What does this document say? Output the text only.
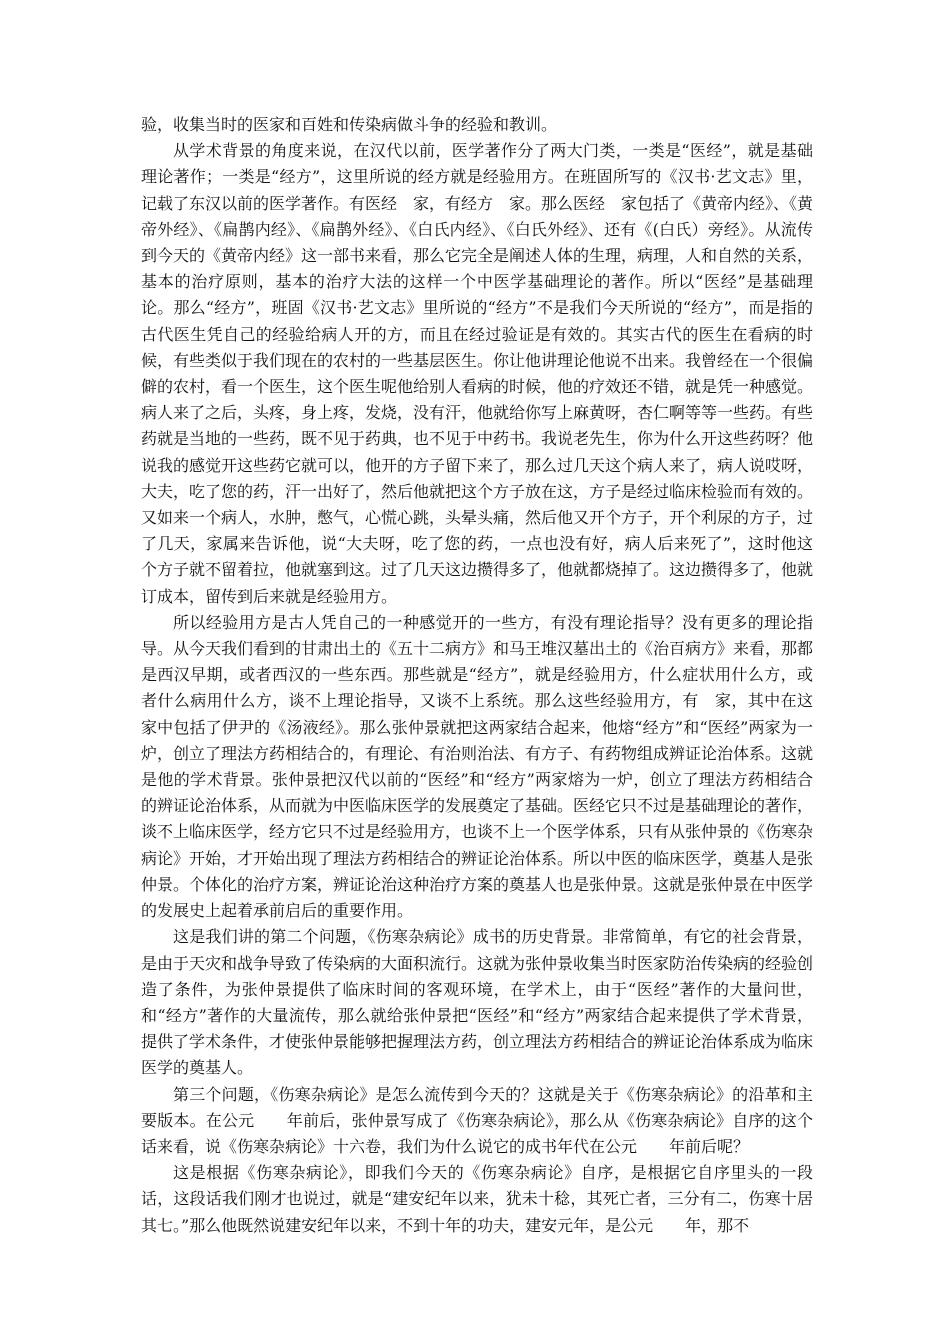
验，收集当时的医家和百姓和传染病做斗争的经验和教训。

从学术背景的角度来说，在汉代以前，医学著作分了两大门类，一类是“医经”，就是基础理论著作；一类是“经方”，这里所说的经方就是经验用方。在班固所写的《汉书·艺文志》里，记载了东汉以前的医学著作。有医经　家，有经方　家。那么医经　家包括了《黄帝内经》、《黄帝外经》、《扁鹊内经》、《扁鹊外经》、《白氏内经》、《白氏外经》、还有《(白氏）旁经》。从流传到今天的《黄帝内经》这一部书来看，那么它完全是阐述人体的生理，病理，人和自然的关系，基本的治疗原则，基本的治疗大法的这样一个中医学基础理论的著作。所以“医经”是基础理论。那么“经方”，班固《汉书·艺文志》里所说的“经方”不是我们今天所说的“经方”，而是指的古代医生凭自己的经验给病人开的方，而且在经过验证是有效的。其实古代的医生在看病的时候，有些类似于我们现在的农村的一些基层医生。你让他讲理论他说不出来。我曾经在一个很偏僻的农村，看一个医生，这个医生呢他给别人看病的时候，他的疗效还不错，就是凭一种感觉。病人来了之后，头疼，身上疼，发烧，没有汗，他就给你写上麻黄呀，杏仁啊等等一些药。有些药就是当地的一些药，既不见于药典，也不见于中药书。我说老先生，你为什么开这些药呀？他说我的感觉开这些药它就可以，他开的方子留下来了，那么过几天这个病人来了，病人说哎呀，大夫，吃了您的药，汗一出好了，然后他就把这个方子放在这，方子是经过临床检验而有效的。又如来一个病人，水肿，憋气，心慌心跳，头晕头痛，然后他又开个方子，开个利尿的方子，过了几天，家属来告诉他，说“大夫呀，吃了您的药，一点也没有好，病人后来死了”，这时他这个方子就不留着拉，他就塞到这。过了几天这边攒得多了，他就都烧掉了。这边攒得多了，他就订成本，留传到后来就是经验用方。

所以经验用方是古人凭自己的一种感觉开的一些方，有没有理论指导？没有更多的理论指导。从今天我们看到的甘肃出土的《五十二病方》和马王堆汉墓出土的《治百病方》来看，那都是西汉早期，或者西汉的一些东西。那些就是“经方”，就是经验用方，什么症状用什么方，或者什么病用什么方，谈不上理论指导，又谈不上系统。那么这些经验用方，有　家，其中在这　家中包括了伊尹的《汤液经》。那么张仲景就把这两家结合起来，他熔“经方”和“医经”两家为一炉，创立了理法方药相结合的，有理论、有治则治法、有方子、有药物组成辨证论治体系。这就是他的学术背景。张仲景把汉代以前的“医经”和“经方”两家熔为一炉，创立了理法方药相结合的辨证论治体系，从而就为中医临床医学的发展奠定了基础。医经它只不过是基础理论的著作，谈不上临床医学，经方它只不过是经验用方，也谈不上一个医学体系，只有从张仲景的《伤寒杂病论》开始，才开始出现了理法方药相结合的辨证论治体系。所以中医的临床医学，奠基人是张仲景。个体化的治疗方案，辨证论治这种治疗方案的奠基人也是张仲景。这就是张仲景在中医学的发展史上起着承前启后的重要作用。

这是我们讲的第二个问题，《伤寒杂病论》成书的历史背景。非常简单，有它的社会背景，是由于天灾和战争导致了传染病的大面积流行。这就为张仲景收集当时医家防治传染病的经验创造了条件，为张仲景提供了临床时间的客观环境，在学术上，由于“医经”著作的大量问世，和“经方”著作的大量流传，那么就给张仲景把“医经”和“经方”两家结合起来提供了学术背景，提供了学术条件，才使张仲景能够把握理法方药，创立理法方药相结合的辨证论治体系成为临床医学的奠基人。

第三个问题，《伤寒杂病论》是怎么流传到今天的？这就是关于《伤寒杂病论》的沿革和主要版本。在公元　　年前后，张仲景写成了《伤寒杂病论》，那么从《伤寒杂病论》自序的这个话来看，说《伤寒杂病论》十六卷，我们为什么说它的成书年代在公元　　年前后呢？

这是根据《伤寒杂病论》，即我们今天的《伤寒杂病论》自序，是根据它自序里头的一段话，这段话我们刚才也说过，就是“建安纪年以来，犹未十稔，其死亡者，三分有二，伤寒十居其七。”那么他既然说建安纪年以来，不到十年的功夫，建安元年，是公元　　年，那不
